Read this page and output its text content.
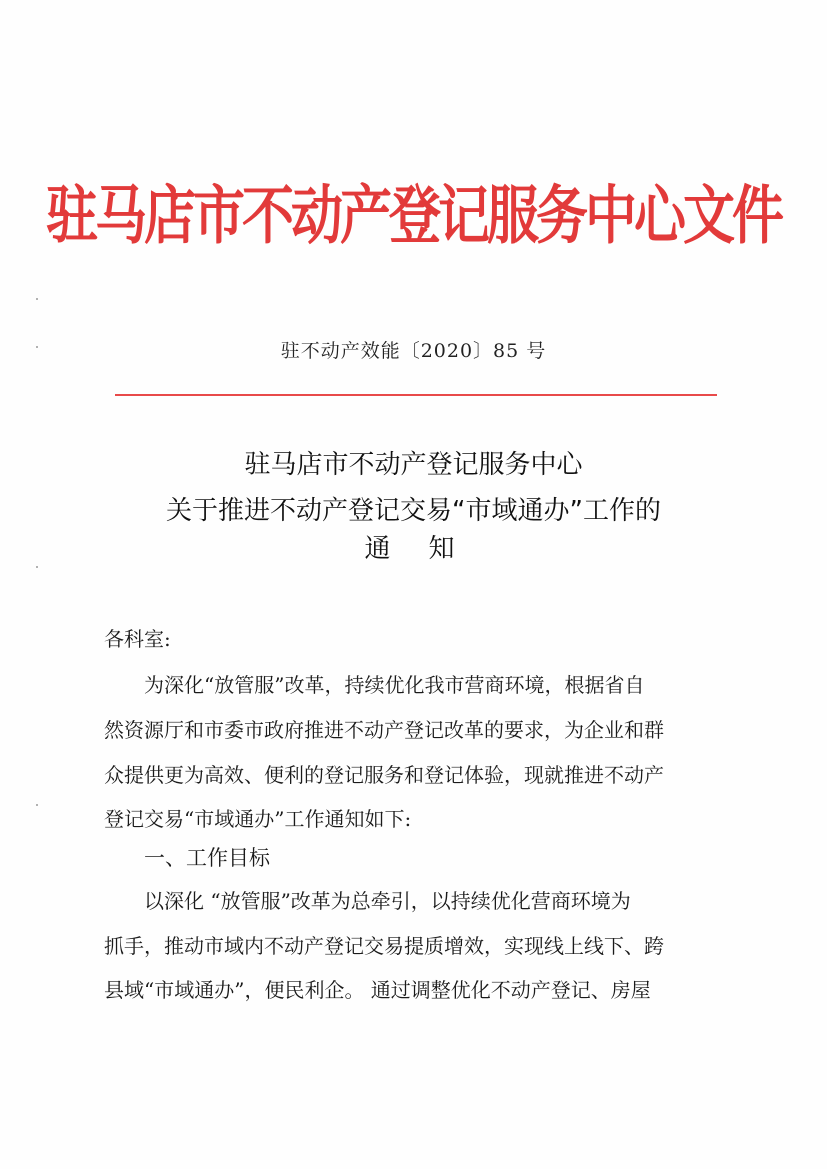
驻马店市不动产登记服务中心文件
驻不动产效能〔2020〕85 号
驻马店市不动产登记服务中心
关于推进不动产登记交易“市域通办”工作的
通知
各科室:
为深化“放管服”改革，持续优化我市营商环境，根据省自
然资源厅和市委市政府推进不动产登记改革的要求，为企业和群
众提供更为高效、便利的登记服务和登记体验，现就推进不动产
登记交易“市域通办”工作通知如下:
一、工作目标
以深化 “放管服”改革为总牵引，以持续优化营商环境为
抓手，推动市域内不动产登记交易提质增效，实现线上线下、跨
县域“市域通办”，便民利企。 通过调整优化不动产登记、房屋
